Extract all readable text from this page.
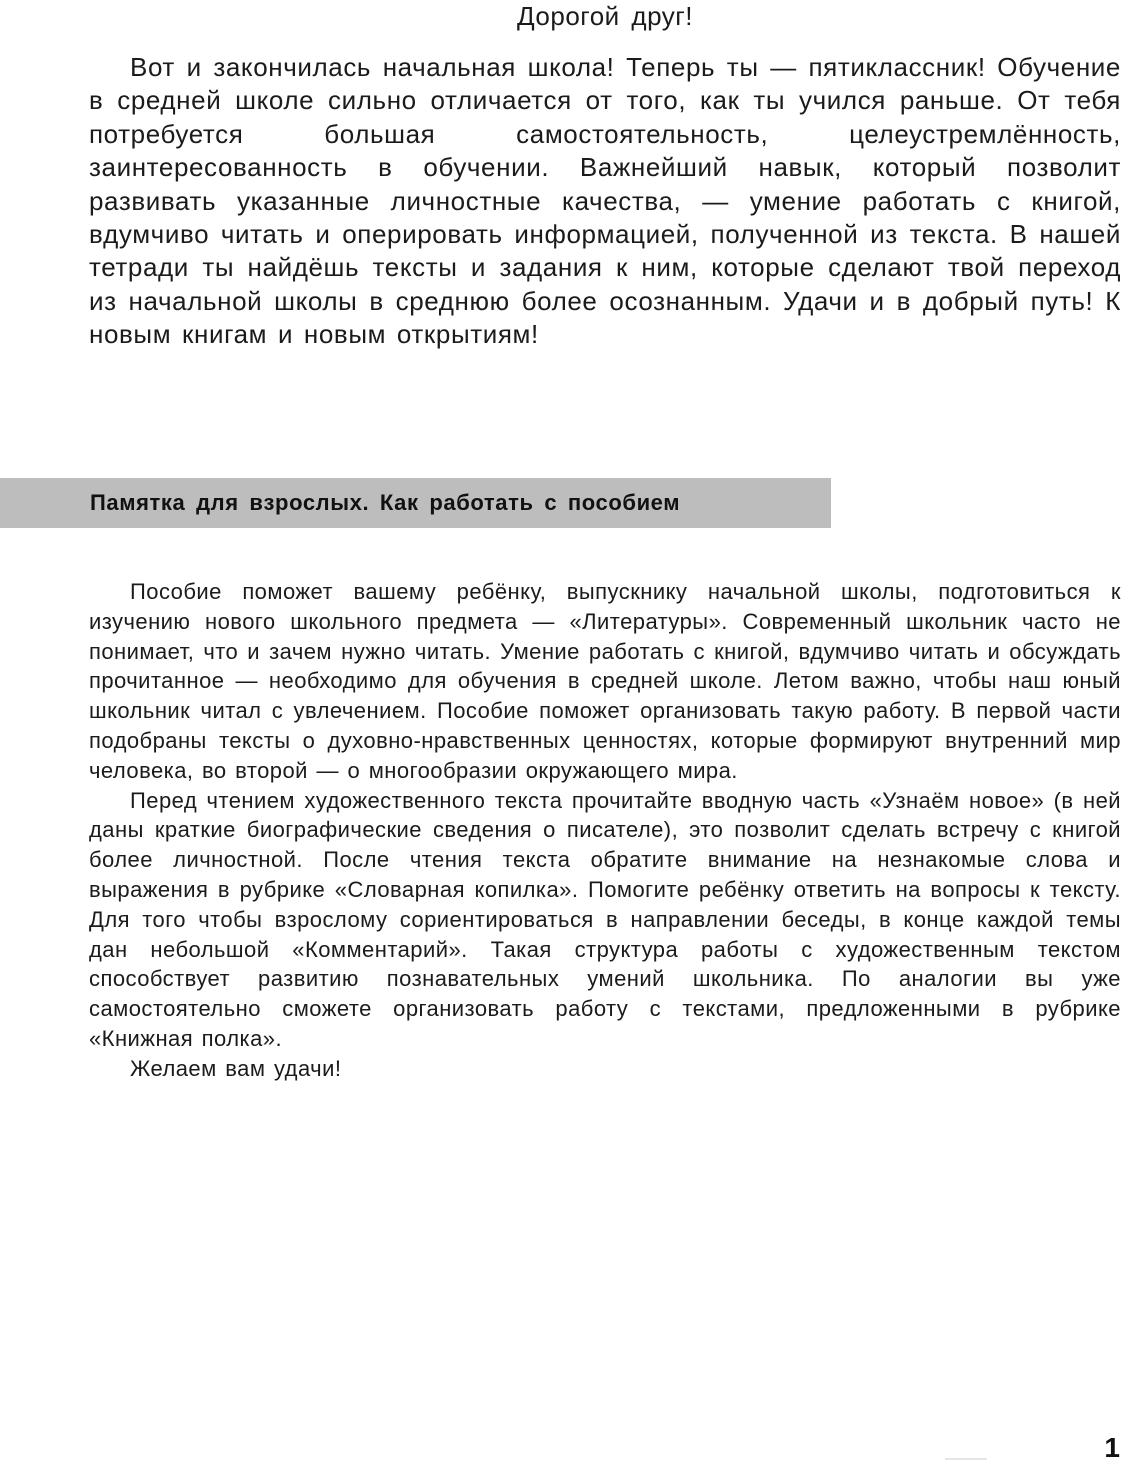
Дорогой друг!

Вот и закончилась начальная школа! Теперь ты — пятиклассник! Обучение в средней школе сильно отличается от того, как ты учился раньше. От тебя потребуется большая самостоятельность, целеустремлённость, заинтересованность в обучении. Важнейший навык, который позволит развивать указанные личностные качества, — умение работать с книгой, вдумчиво читать и оперировать информацией, полученной из текста. В нашей тетради ты найдёшь тексты и задания к ним, которые сделают твой переход из начальной школы в среднюю более осознанным. Удачи и в добрый путь! К новым книгам и новым открытиям!

Памятка для взрослых. Как работать с пособием

Пособие поможет вашему ребёнку, выпускнику начальной школы, подготовиться к изучению нового школьного предмета — «Литературы». Современный школьник часто не понимает, что и зачем нужно читать. Умение работать с книгой, вдумчиво читать и обсуждать прочитанное — необходимо для обучения в средней школе. Летом важно, чтобы наш юный школьник читал с увлечением. Пособие поможет организовать такую работу. В первой части подобраны тексты о духовно-нравственных ценностях, которые формируют внутренний мир человека, во второй — о многообразии окружающего мира.

Перед чтением художественного текста прочитайте вводную часть «Узнаём новое» (в ней даны краткие биографические сведения о писателе), это позволит сделать встречу с книгой более личностной. После чтения текста обратите внимание на незнакомые слова и выражения в рубрике «Словарная копилка». Помогите ребёнку ответить на вопросы к тексту. Для того чтобы взрослому сориентироваться в направлении беседы, в конце каждой темы дан небольшой «Комментарий». Такая структура работы с художественным текстом способствует развитию познавательных умений школьника. По аналогии вы уже самостоятельно сможете организовать работу с текстами, предложенными в рубрике «Книжная полка».

Желаем вам удачи!

1
